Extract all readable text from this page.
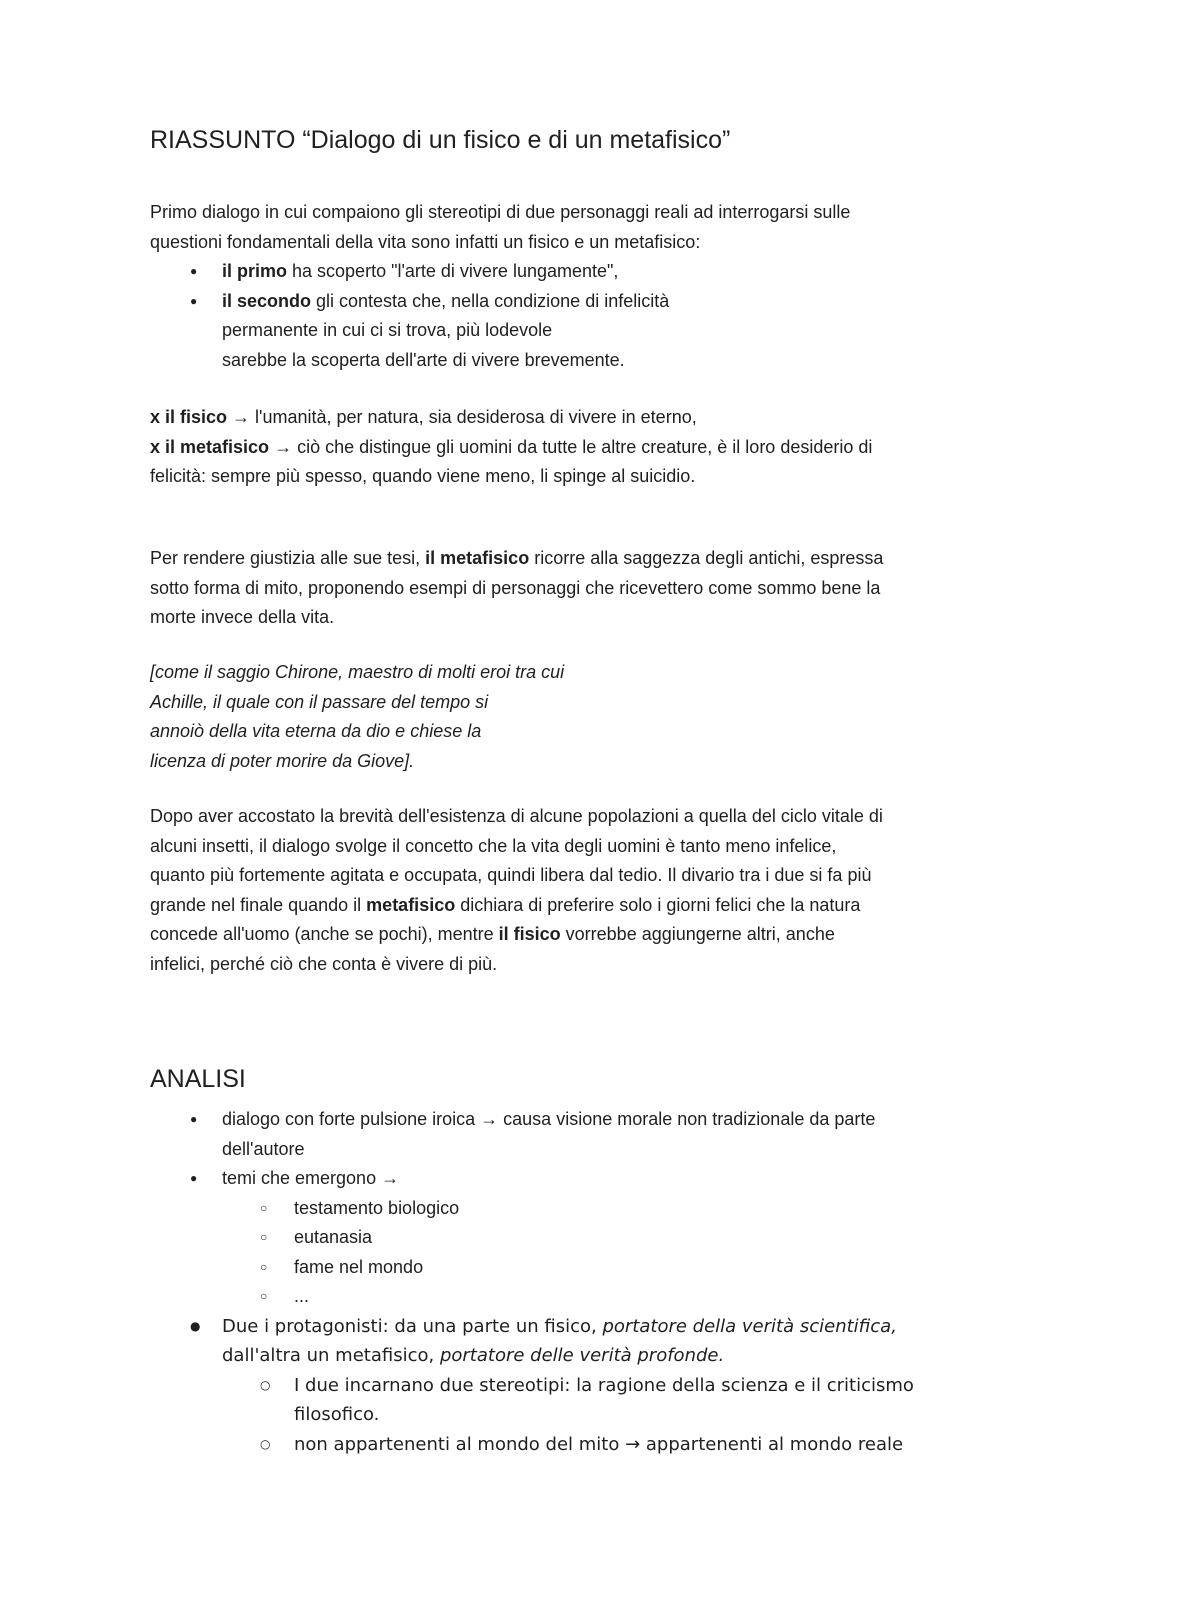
RIASSUNTO “Dialogo di un fisico e di un metafisico”

Primo dialogo in cui compaiono gli stereotipi di due personaggi reali ad interrogarsi sulle

questioni fondamentali della vita sono infatti un fisico e un metafisico:

● il primo ha scoperto "l'arte di vivere lungamente",
● il secondo gli contesta che, nella condizione di infelicità
permanente in cui ci si trova, più lodevole
sarebbe la scoperta dell'arte di vivere brevemente.

x il fisico → l'umanità, per natura, sia desiderosa di vivere in eterno,

x il metafisico → ciò che distingue gli uomini da tutte le altre creature, è il loro desiderio di

felicità: sempre più spesso, quando viene meno, li spinge al suicidio.

Per rendere giustizia alle sue tesi, il metafisico ricorre alla saggezza degli antichi, espressa

sotto forma di mito, proponendo esempi di personaggi che ricevettero come sommo bene la

morte invece della vita.

[come il saggio Chirone, maestro di molti eroi tra cui

Achille, il quale con il passare del tempo si

annoiò della vita eterna da dio e chiese la

licenza di poter morire da Giove].

Dopo aver accostato la brevità dell'esistenza di alcune popolazioni a quella del ciclo vitale di

alcuni insetti, il dialogo svolge il concetto che la vita degli uomini è tanto meno infelice,

quanto più fortemente agitata e occupata, quindi libera dal tedio. Il divario tra i due si fa più

grande nel finale quando il metafisico dichiara di preferire solo i giorni felici che la natura

concede all'uomo (anche se pochi), mentre il fisico vorrebbe aggiungerne altri, anche

infelici, perché ciò che conta è vivere di più.

ANALISI
● dialogo con forte pulsione iroica → causa visione morale non tradizionale da parte
dell'autore
● temi che emergono →
○ testamento biologico
○ eutanasia
○ fame nel mondo
○ ...
● Due i protagonisti: da una parte un fisico, portatore della verità scientifica,
dall'altra un metafisico, portatore delle verità profonde.
○ I due incarnano due stereotipi: la ragione della scienza e il criticismo
filosofico.
○ non appartenenti al mondo del mito → appartenenti al mondo reale
